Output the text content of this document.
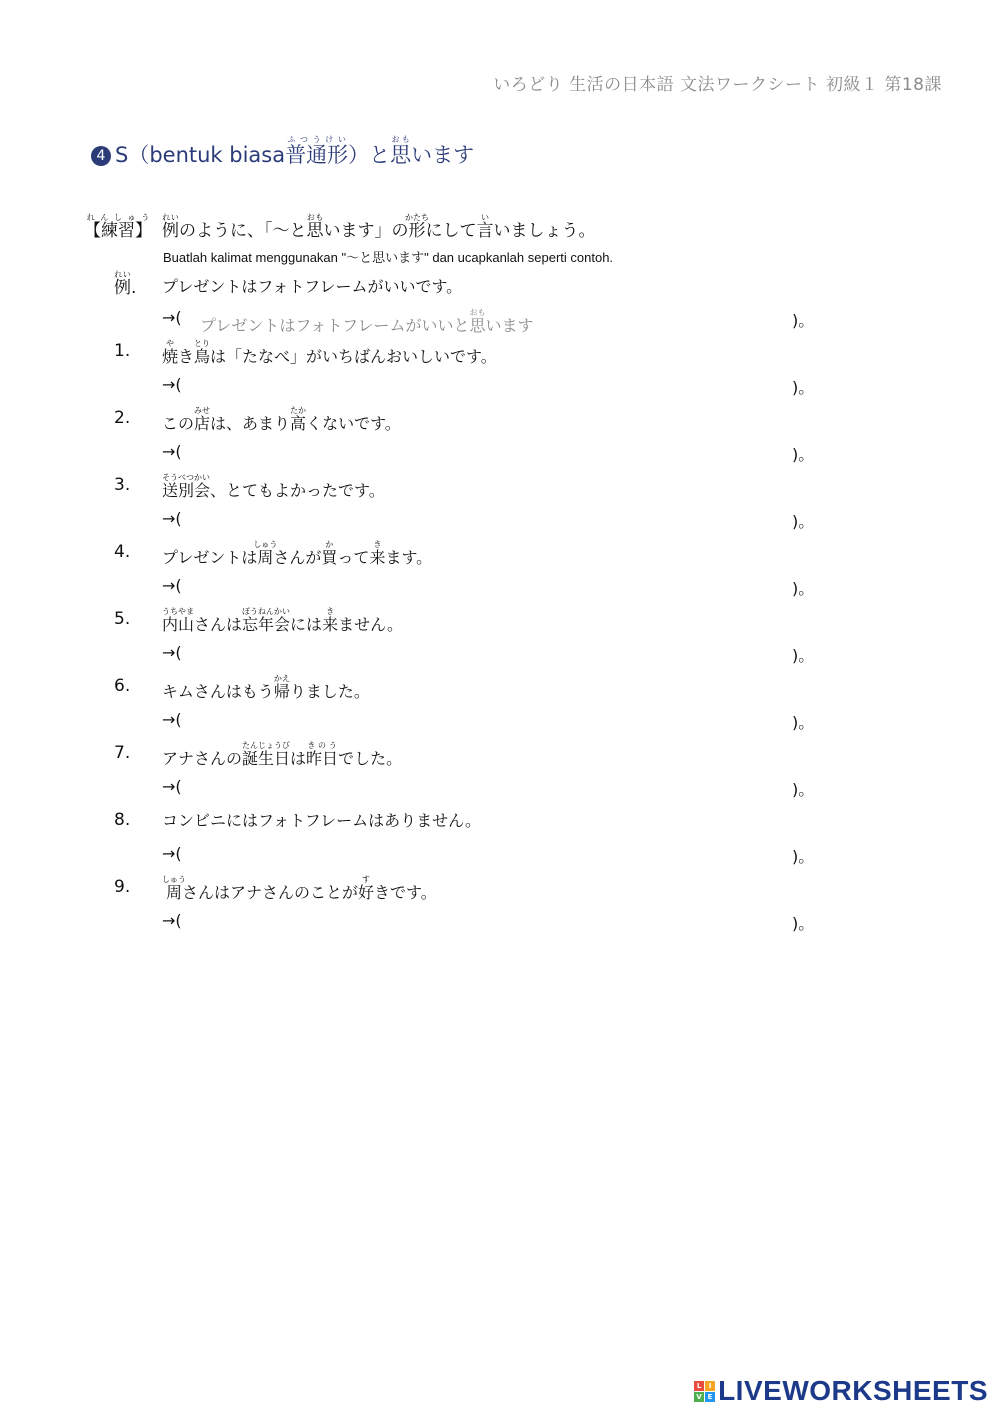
いろどり 生活の日本語 文法ワークシート 初級１ 第18課
4 S（bentuk biasa 普通形ふつうけい
）と 思おも
います
【練習】れんしゅう
例れいのように、「～と思おもいます」の形かたちにして言いいましょう。
Buatlah kalimat menggunakan "～と思います" dan ucapkanlah seperti contoh.
例れい.	プレゼントはフォトフレームがいいです。
→( プレゼントはフォトフレームがいいと思おもいます	)。
1.	焼やき鳥とりは「たなべ」がいちばんおいしいです。
→(	)。
2.	この店みせは、あまり高たかくないです。
→(	)。
3.	送別会そうべつかい、とてもよかったです。
→(	)。
4.	プレゼントは周しゅうさんが買かって来きます。
→(	)。
5.	内山うちやまさんは忘年会ぼうねんかいには来きません。
→(	)。
6.	キムさんはもう帰かえりました。
→(	)。
7.	アナさんの誕生日たんじょうびは昨日きのうでした。
→(	)。
8.	コンビニにはフォトフレームはありません。
→(	)。
9.	周しゅうさんはアナさんのことが好すきです。
→(	)。
L	I
V E LIVEWORKSHEETS
